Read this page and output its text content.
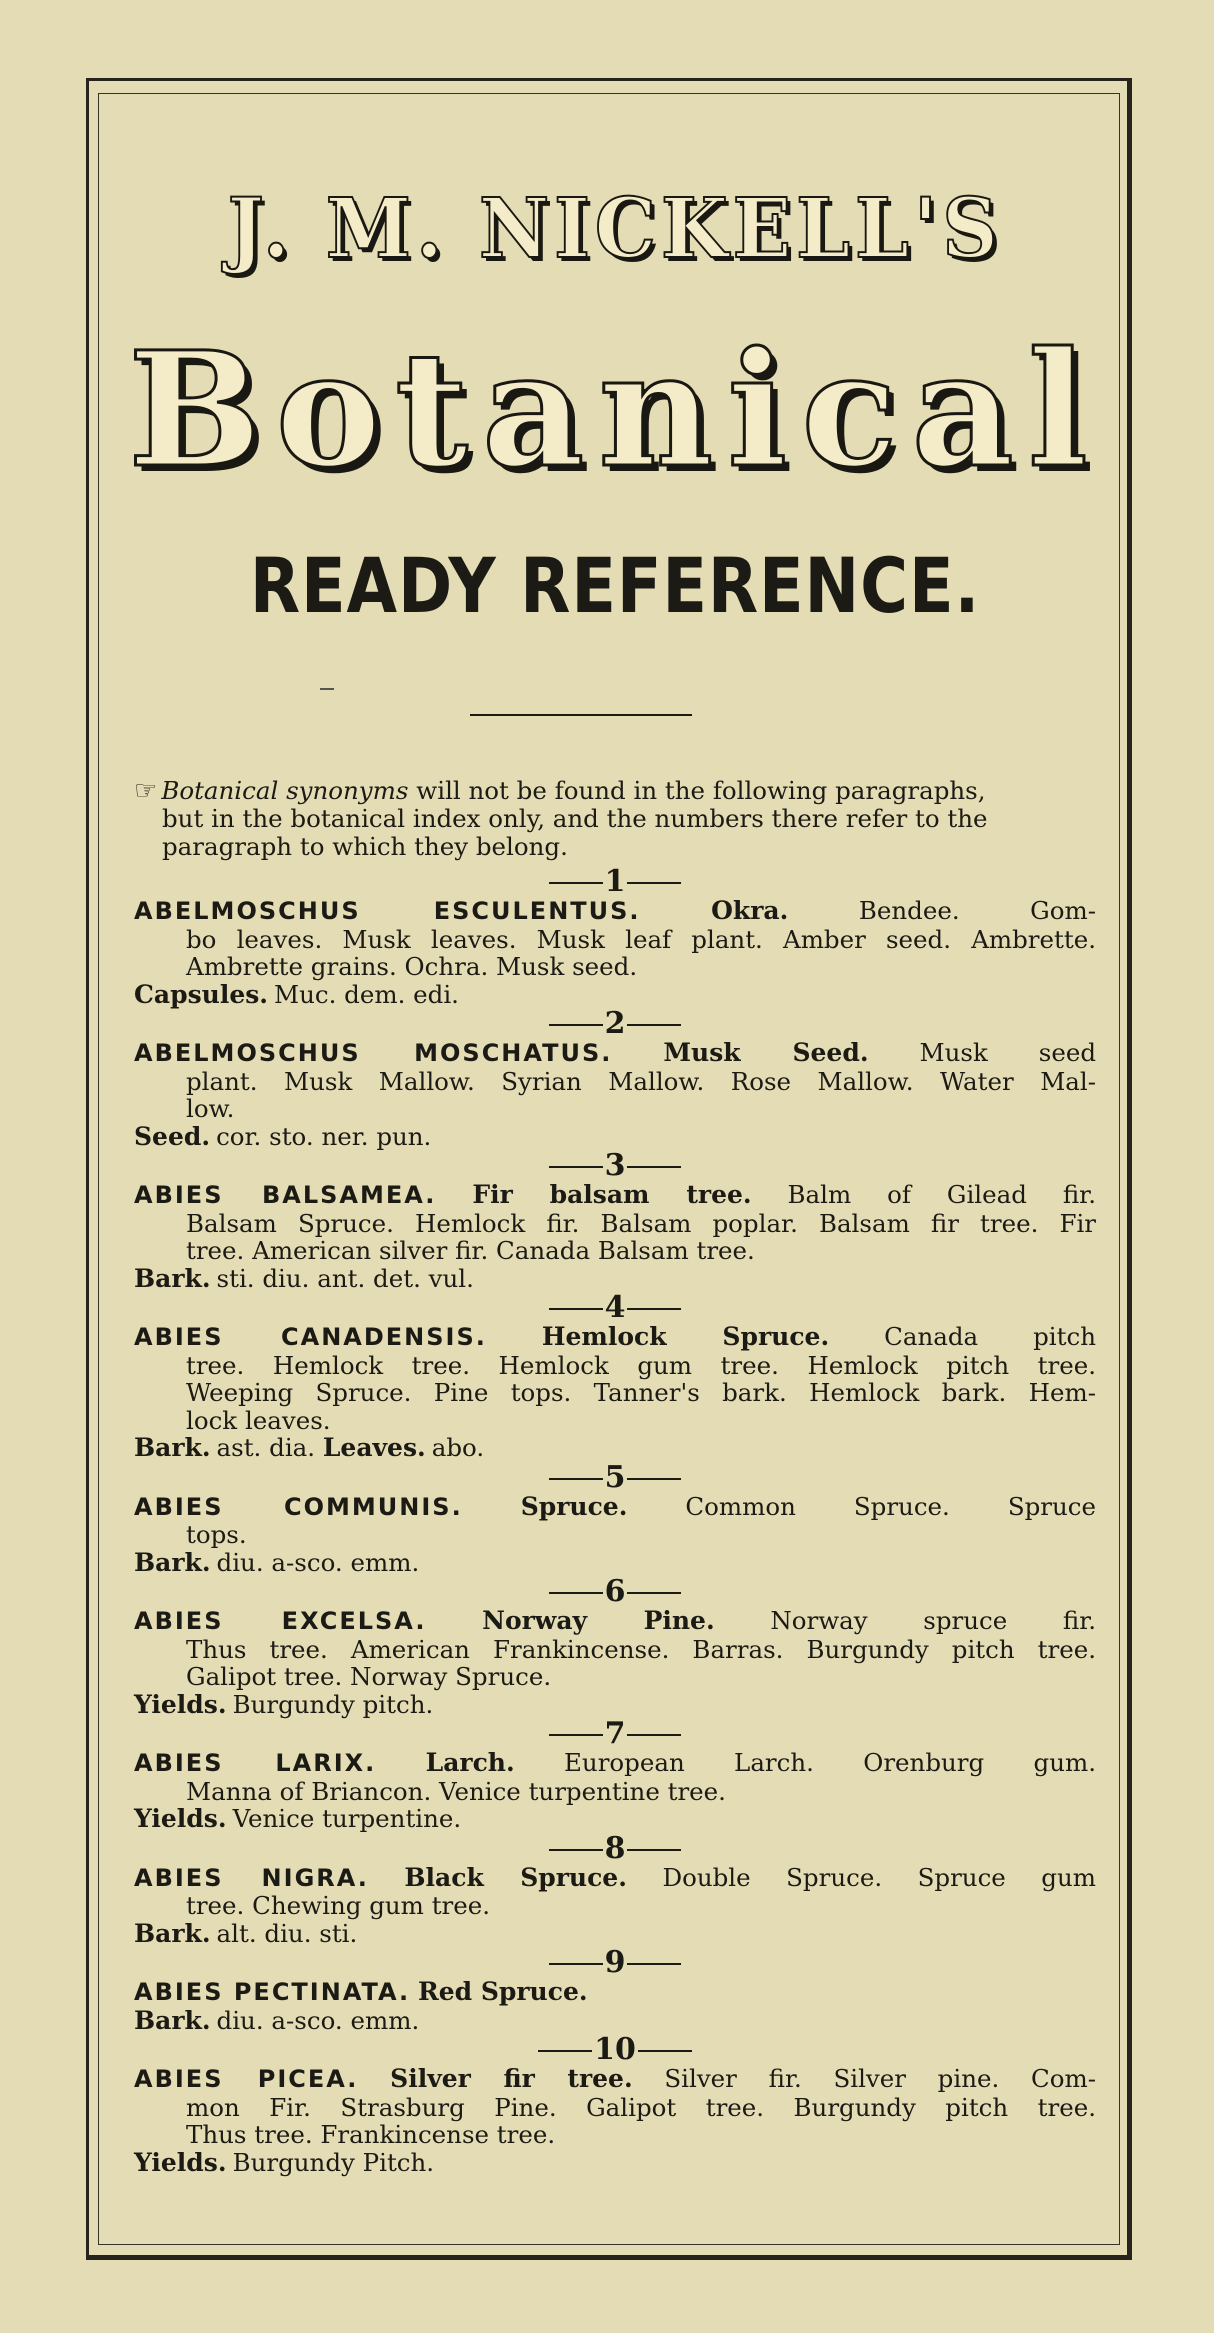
J. M. NICKELL'S
Botanical
READY REFERENCE.
☞ Botanical synonyms will not be found in the following paragraphs,
but in the botanical index only, and the numbers there refer to the
paragraph to which they belong.
1
ABELMOSCHUS ESCULENTUS.	Okra.	Bendee. Gom-
bo leaves. Musk leaves. Musk leaf plant. Amber seed. Ambrette.
Ambrette grains. Ochra. Musk seed.
Capsules. Muc. dem. edi.
2
ABELMOSCHUS MOSCHATUS. Musk Seed. Musk seed
plant. Musk Mallow. Syrian Mallow. Rose Mallow. Water Mal-
low.
Seed. cor. sto. ner. pun.
3
ABIES BALSAMEA. Fir balsam tree. Balm of Gilead fir.
Balsam Spruce. Hemlock fir. Balsam poplar. Balsam fir tree. Fir
tree. American silver fir. Canada Balsam tree.
Bark. sti. diu. ant. det. vul.
4
ABIES CANADENSIS. Hemlock Spruce. Canada pitch
tree. Hemlock tree. Hemlock gum tree. Hemlock pitch tree.
Weeping Spruce. Pine tops. Tanner's bark. Hemlock bark. Hem-
lock leaves.
Bark. ast. dia. Leaves. abo.
5
ABIES COMMUNIS. Spruce. Common Spruce. Spruce
tops.
Bark. diu. a-sco. emm.
6
ABIES EXCELSA. Norway Pine. Norway spruce fir.
Thus tree. American Frankincense. Barras. Burgundy pitch tree.
Galipot tree. Norway Spruce.
Yields. Burgundy pitch.
7
ABIES LARIX. Larch. European Larch. Orenburg gum.
Manna of Briancon. Venice turpentine tree.
Yields. Venice turpentine.
8
ABIES NIGRA. Black Spruce. Double Spruce. Spruce gum
tree. Chewing gum tree.
Bark. alt. diu. sti.
9
ABIES PECTINATA. Red Spruce.
Bark. diu. a-sco. emm.
10
ABIES PICEA. Silver fir tree. Silver fir. Silver pine. Com-
mon Fir. Strasburg Pine. Galipot tree. Burgundy pitch tree.
Thus tree. Frankincense tree.
Yields. Burgundy Pitch.
